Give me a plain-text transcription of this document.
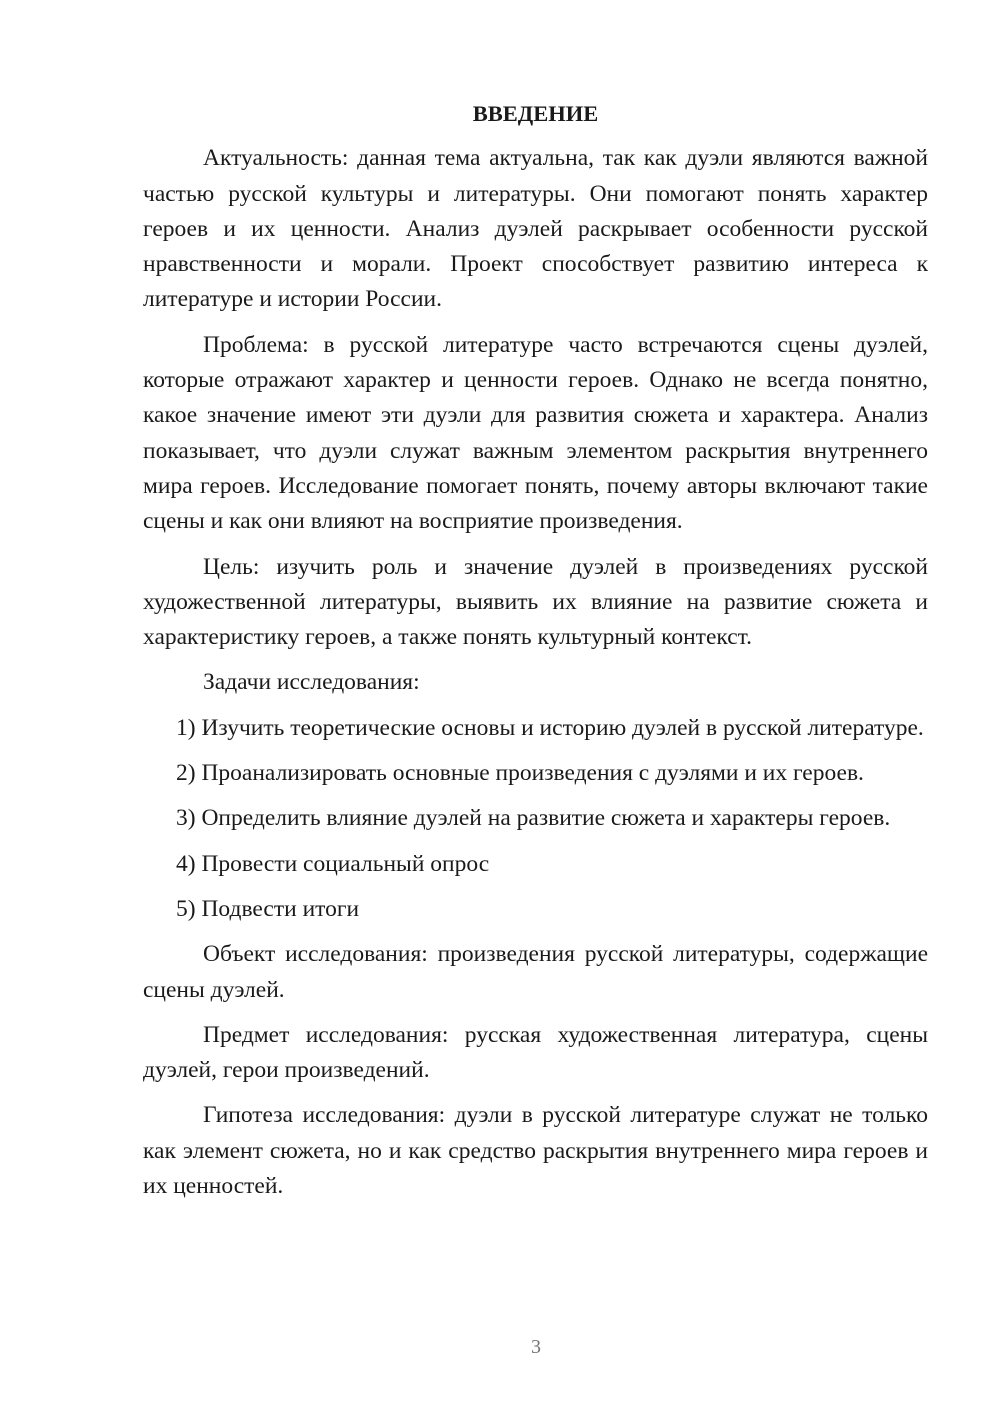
ВВЕДЕНИЕ

Актуальность: данная тема актуальна, так как дуэли являются важной частью русской культуры и литературы. Они помогают понять характер героев и их ценности. Анализ дуэлей раскрывает особенности русской нравственности и морали. Проект способствует развитию интереса к литературе и истории России.

Проблема: в русской литературе часто встречаются сцены дуэлей, которые отражают характер и ценности героев. Однако не всегда понятно, какое значение имеют эти дуэли для развития сюжета и характера. Анализ показывает, что дуэли служат важным элементом раскрытия внутреннего мира героев. Исследование помогает понять, почему авторы включают такие сцены и как они влияют на восприятие произведения.

Цель: изучить роль и значение дуэлей в произведениях русской художественной литературы, выявить их влияние на развитие сюжета и характеристику героев, а также понять культурный контекст.

Задачи исследования:

1) Изучить теоретические основы и историю дуэлей в русской литературе.

2) Проанализировать основные произведения с дуэлями и их героев.

3) Определить влияние дуэлей на развитие сюжета и характеры героев.

4) Провести социальный опрос

5) Подвести итоги

Объект исследования: произведения русской литературы, содержащие сцены дуэлей.

Предмет исследования: русская художественная литература, сцены дуэлей, герои произведений.

Гипотеза исследования: дуэли в русской литературе служат не только как элемент сюжета, но и как средство раскрытия внутреннего мира героев и их ценностей.

3
